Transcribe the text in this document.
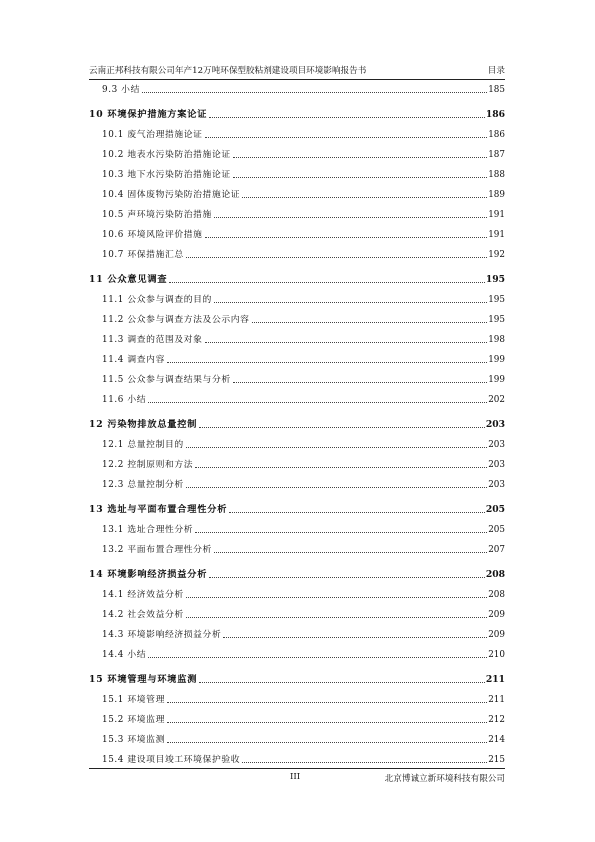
云南正邦科技有限公司年产12万吨环保型胶粘剂建设项目环境影响报告书	目录
9.3 小结	185
10 环境保护措施方案论证	186
10.1 废气治理措施论证	186
10.2 地表水污染防治措施论证	187
10.3 地下水污染防治措施论证	188
10.4 固体废物污染防治措施论证	189
10.5 声环境污染防治措施	191
10.6 环境风险评价措施	191
10.7 环保措施汇总	192
11 公众意见调查	195
11.1 公众参与调查的目的	195
11.2 公众参与调查方法及公示内容	195
11.3 调查的范围及对象	198
11.4 调查内容	199
11.5 公众参与调查结果与分析	199
11.6 小结	202
12 污染物排放总量控制	203
12.1 总量控制目的	203
12.2 控制原则和方法	203
12.3 总量控制分析	203
13 选址与平面布置合理性分析	205
13.1 选址合理性分析	205
13.2 平面布置合理性分析	207
14 环境影响经济损益分析	208
14.1 经济效益分析	208
14.2 社会效益分析	209
14.3 环境影响经济损益分析	209
14.4 小结	210
15 环境管理与环境监测	211
15.1 环境管理	211
15.2 环境监理	212
15.3 环境监测	214
15.4 建设项目竣工环境保护验收	215
III	北京博诚立新环境科技有限公司
